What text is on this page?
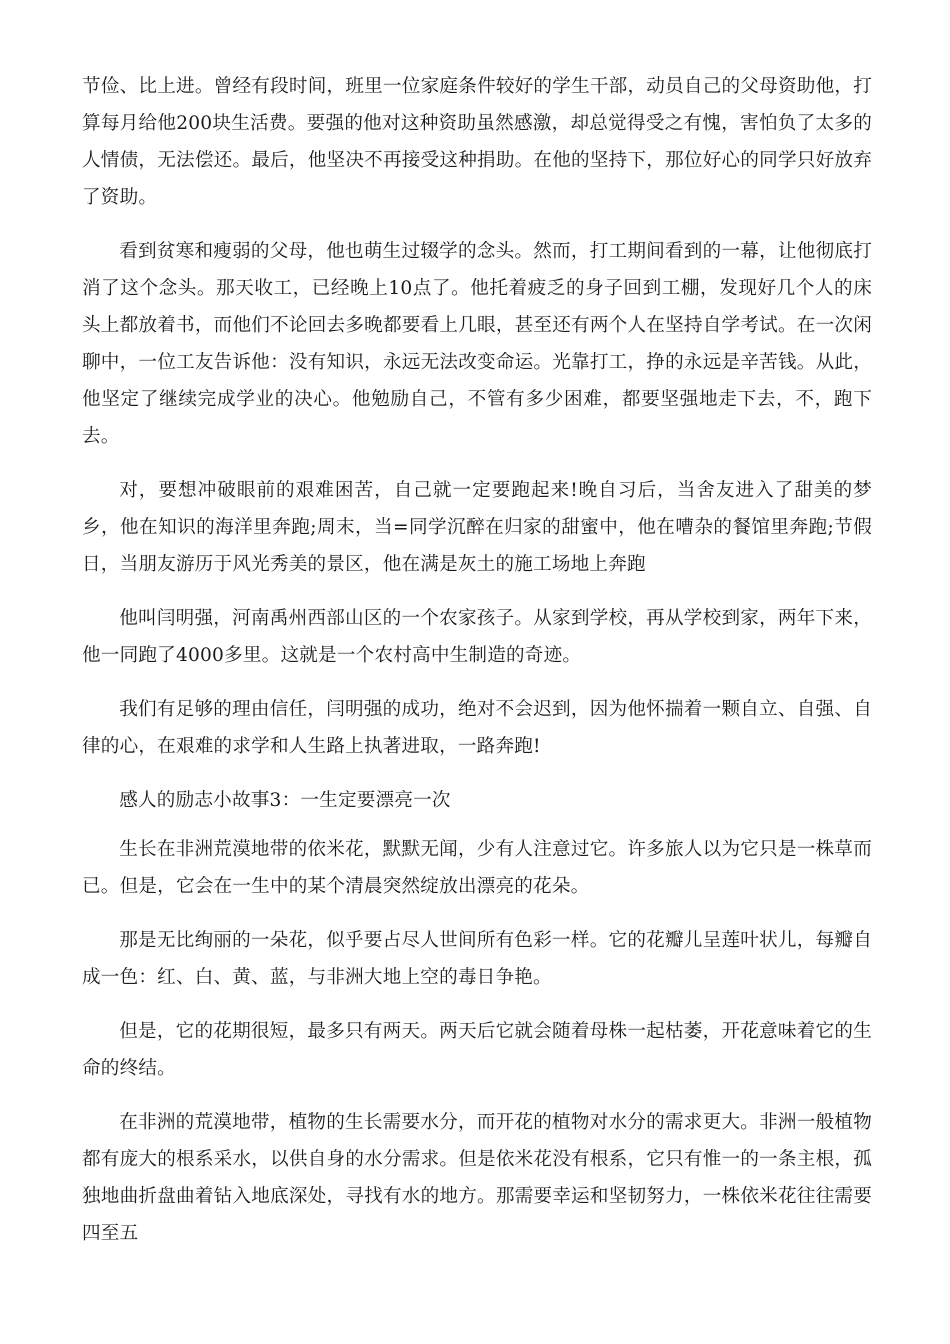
节俭、比上进。曾经有段时间，班里一位家庭条件较好的学生干部，动员自己的父母资助他，打算每月给他200块生活费。要强的他对这种资助虽然感激，却总觉得受之有愧，害怕负了太多的人情债，无法偿还。最后，他坚决不再接受这种捐助。在他的坚持下，那位好心的同学只好放弃了资助。

看到贫寒和瘦弱的父母，他也萌生过辍学的念头。然而，打工期间看到的一幕，让他彻底打消了这个念头。那天收工，已经晚上10点了。他托着疲乏的身子回到工棚，发现好几个人的床头上都放着书，而他们不论回去多晚都要看上几眼，甚至还有两个人在坚持自学考试。在一次闲聊中，一位工友告诉他：没有知识，永远无法改变命运。光靠打工，挣的永远是辛苦钱。从此，他坚定了继续完成学业的决心。他勉励自己，不管有多少困难，都要坚强地走下去，不，跑下去。

对，要想冲破眼前的艰难困苦，自己就一定要跑起来!晚自习后，当舍友进入了甜美的梦乡，他在知识的海洋里奔跑;周末，当=同学沉醉在归家的甜蜜中，他在嘈杂的餐馆里奔跑;节假日，当朋友游历于风光秀美的景区，他在满是灰土的施工场地上奔跑

他叫闫明强，河南禹州西部山区的一个农家孩子。从家到学校，再从学校到家，两年下来，他一同跑了4000多里。这就是一个农村高中生制造的奇迹。

我们有足够的理由信任，闫明强的成功，绝对不会迟到，因为他怀揣着一颗自立、自强、自律的心，在艰难的求学和人生路上执著进取，一路奔跑!

感人的励志小故事3：一生定要漂亮一次

生长在非洲荒漠地带的依米花，默默无闻，少有人注意过它。许多旅人以为它只是一株草而已。但是，它会在一生中的某个清晨突然绽放出漂亮的花朵。

那是无比绚丽的一朵花，似乎要占尽人世间所有色彩一样。它的花瓣儿呈莲叶状儿，每瓣自成一色：红、白、黄、蓝，与非洲大地上空的毒日争艳。

但是，它的花期很短，最多只有两天。两天后它就会随着母株一起枯萎，开花意味着它的生命的终结。

在非洲的荒漠地带，植物的生长需要水分，而开花的植物对水分的需求更大。非洲一般植物都有庞大的根系采水，以供自身的水分需求。但是依米花没有根系，它只有惟一的一条主根，孤独地曲折盘曲着钻入地底深处，寻找有水的地方。那需要幸运和坚韧努力，一株依米花往往需要四至五
